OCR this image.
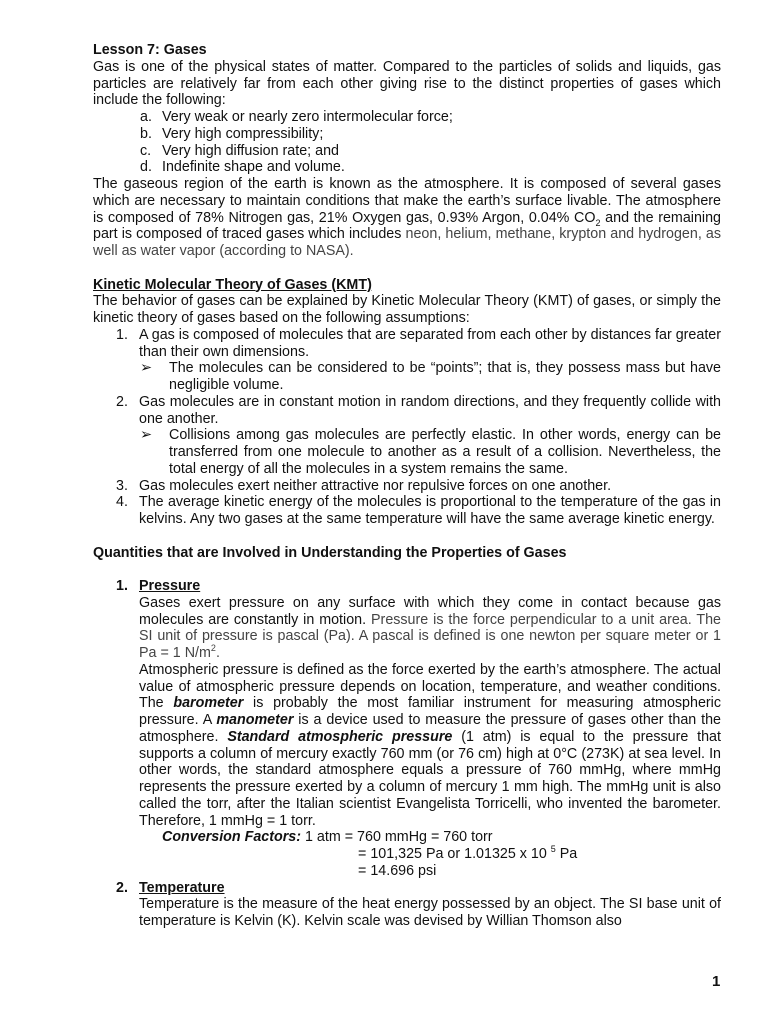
Lesson 7: Gases

Gas is one of the physical states of matter. Compared to the particles of solids and liquids, gas particles are relatively far from each other giving rise to the distinct properties of gases which include the following:

a. Very weak or nearly zero intermolecular force;
b. Very high compressibility;
c. Very high diffusion rate; and
d. Indefinite shape and volume.

The gaseous region of the earth is known as the atmosphere. It is composed of several gases which are necessary to maintain conditions that make the earth’s surface livable. The atmosphere is composed of 78% Nitrogen gas, 21% Oxygen gas, 0.93% Argon, 0.04% $CO_2$ and the remaining part is composed of traced gases which includes neon, helium, methane, krypton and hydrogen, as well as water vapor (according to NASA).

Kinetic Molecular Theory of Gases (KMT)

The behavior of gases can be explained by Kinetic Molecular Theory (KMT) of gases, or simply the kinetic theory of gases based on the following assumptions:

1. A gas is composed of molecules that are separated from each other by distances far greater than their own dimensions.
➢	The molecules can be considered to be “points”; that is, they possess mass but have negligible volume.
2. Gas molecules are in constant motion in random directions, and they frequently collide with one another.
➢	Collisions among gas molecules are perfectly elastic. In other words, energy can be transferred from one molecule to another as a result of a collision. Nevertheless, the total energy of all the molecules in a system remains the same.
3. Gas molecules exert neither attractive nor repulsive forces on one another.
4. The average kinetic energy of the molecules is proportional to the temperature of the gas in kelvins. Any two gases at the same temperature will have the same average kinetic energy.

Quantities that are Involved in Understanding the Properties of Gases

1. Pressure

Gases exert pressure on any surface with which they come in contact because gas molecules are constantly in motion. Pressure is the force perpendicular to a unit area. The SI unit of pressure is pascal (Pa). A pascal is defined is one newton per square meter or 1 Pa = 1 $N/m^2$.

Atmospheric pressure is defined as the force exerted by the earth’s atmosphere. The actual value of atmospheric pressure depends on location, temperature, and weather conditions. The barometer is probably the most familiar instrument for measuring atmospheric pressure. A manometer is a device used to measure the pressure of gases other than the atmosphere. Standard atmospheric pressure (1 atm) is equal to the pressure that supports a column of mercury exactly 760 mm (or 76 cm) high at 0°C (273K) at sea level. In other words, the standard atmosphere equals a pressure of 760 mmHg, where mmHg represents the pressure exerted by a column of mercury 1 mm high. The mmHg unit is also called the torr, after the Italian scientist Evangelista Torricelli, who invented the barometer. Therefore, 1 mmHg = 1 torr.

Conversion Factors: 1 atm = 760 mmHg = 760 torr
= 101,325 Pa or 1.01325 x 10 $^5$ Pa
= 14.696 psi
2. Temperature

Temperature is the measure of the heat energy possessed by an object. The SI base unit of temperature is Kelvin (K). Kelvin scale was devised by Willian Thomson also

1
